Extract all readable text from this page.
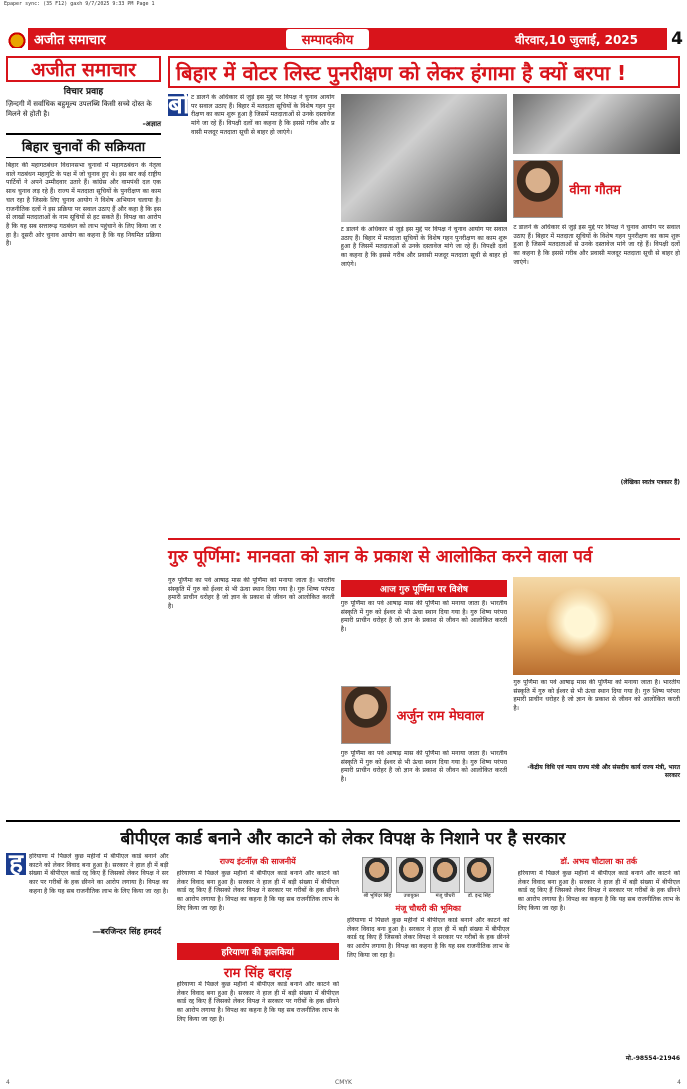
Epaper sync: (35 F12) gaxh 9/7/2025 9:33 PM Page 1
अजीत समाचार	सम्पादकीय	वीरवार,10 जुलाई, 2025	4
अजीत समाचार
विचार प्रवाह
ज़िन्दगी में सर्वाधिक बहुमूल्य उपलब्धि किसी सच्चे दोस्त के मिलने से होती है।
-अज्ञात
बिहार चुनावों की सक्रियता
बिहार की महागठबंधन विधानसभा चुनावों में महागठबंधन के नेतृत्व वाले गठबंधन महागुटि के पक्ष में जो चुनाव हुए थे। इस बार कई राष्ट्रीय पार्टियों ने अपने उम्मीदवार उतारे हैं। कांग्रेस और वामपंथी दल एक साथ चुनाव लड़ रहे हैं। राज्य में मतदाता सूचियों के पुनरीक्षण का काम चल रहा है जिसके लिए चुनाव आयोग ने विशेष अभियान चलाया है। राजनीतिक दलों ने इस प्रक्रिया पर सवाल उठाए हैं और कहा है कि इससे लाखों मतदाताओं के नाम सूचियों से हट सकते हैं। विपक्ष का आरोप है कि यह सब सत्तारूढ़ गठबंधन को लाभ पहुंचाने के लिए किया जा रहा है। दूसरी ओर चुनाव आयोग का कहना है कि यह नियमित प्रक्रिया है।
—बरजिन्दर सिंह हमदर्द
बिहार में वोटर लिस्ट पुनरीक्षण को लेकर हंगामा है क्यों बरपा !
बो ट डालने के अधिकार से जुड़े इस मुद्दे पर विपक्ष ने चुनाव आयोग पर सवाल उठाए हैं। बिहार में मतदाता सूचियों के विशेष गहन पुनरीक्षण का काम शुरू हुआ है जिसमें मतदाताओं से उनके दस्तावेज मांगे जा रहे हैं। विपक्षी दलों का कहना है कि इससे गरीब और प्रवासी मजदूर मतदाता सूची से बाहर हो जाएंगे।
ट डालने के अधिकार से जुड़े इस मुद्दे पर विपक्ष ने चुनाव आयोग पर सवाल उठाए हैं। बिहार में मतदाता सूचियों के विशेष गहन पुनरीक्षण का काम शुरू हुआ है जिसमें मतदाताओं से उनके दस्तावेज मांगे जा रहे हैं। विपक्षी दलों का कहना है कि इससे गरीब और प्रवासी मजदूर मतदाता सूची से बाहर हो जाएंगे।
वीना गौतम
ट डालने के अधिकार से जुड़े इस मुद्दे पर विपक्ष ने चुनाव आयोग पर सवाल उठाए हैं। बिहार में मतदाता सूचियों के विशेष गहन पुनरीक्षण का काम शुरू हुआ है जिसमें मतदाताओं से उनके दस्तावेज मांगे जा रहे हैं। विपक्षी दलों का कहना है कि इससे गरीब और प्रवासी मजदूर मतदाता सूची से बाहर हो जाएंगे।
(लेखिका स्वतंत्र पत्रकार हैं)
गुरु पूर्णिमा: मानवता को ज्ञान के प्रकाश से आलोकित करने वाला पर्व
गुरु पूर्णिमा का पर्व आषाढ़ मास की पूर्णिमा को मनाया जाता है। भारतीय संस्कृति में गुरु को ईश्वर से भी ऊंचा स्थान दिया गया है। गुरु शिष्य परंपरा हमारी प्राचीन धरोहर है जो ज्ञान के प्रकाश से जीवन को आलोकित करती है।
आज गुरु पूर्णिमा पर विशेष
गुरु पूर्णिमा का पर्व आषाढ़ मास की पूर्णिमा को मनाया जाता है। भारतीय संस्कृति में गुरु को ईश्वर से भी ऊंचा स्थान दिया गया है। गुरु शिष्य परंपरा हमारी प्राचीन धरोहर है जो ज्ञान के प्रकाश से जीवन को आलोकित करती है।
अर्जुन राम मेघवाल
गुरु पूर्णिमा का पर्व आषाढ़ मास की पूर्णिमा को मनाया जाता है। भारतीय संस्कृति में गुरु को ईश्वर से भी ऊंचा स्थान दिया गया है। गुरु शिष्य परंपरा हमारी प्राचीन धरोहर है जो ज्ञान के प्रकाश से जीवन को आलोकित करती है।
गुरु पूर्णिमा का पर्व आषाढ़ मास की पूर्णिमा को मनाया जाता है। भारतीय संस्कृति में गुरु को ईश्वर से भी ऊंचा स्थान दिया गया है। गुरु शिष्य परंपरा हमारी प्राचीन धरोहर है जो ज्ञान के प्रकाश से जीवन को आलोकित करती है।
-केंद्रीय विधि एवं न्याय राज्य मंत्री और संसदीय कार्य राज्य मंत्री, भारत सरकार
बीपीएल कार्ड बनाने और काटने को लेकर विपक्ष के निशाने पर है सरकार
ह हरियाणा में पिछले कुछ महीनों में बीपीएल कार्ड बनाने और काटने को लेकर विवाद बना हुआ है। सरकार ने हाल ही में बड़ी संख्या में बीपीएल कार्ड रद्द किए हैं जिसको लेकर विपक्ष ने सरकार पर गरीबों के हक छीनने का आरोप लगाया है। विपक्ष का कहना है कि यह सब राजनीतिक लाभ के लिए किया जा रहा है।
राज्य इंटर्नीज़ की साजनीयें
हरियाणा में पिछले कुछ महीनों में बीपीएल कार्ड बनाने और काटने को लेकर विवाद बना हुआ है। सरकार ने हाल ही में बड़ी संख्या में बीपीएल कार्ड रद्द किए हैं जिसको लेकर विपक्ष ने सरकार पर गरीबों के हक छीनने का आरोप लगाया है। विपक्ष का कहना है कि यह सब राजनीतिक लाभ के लिए किया जा रहा है।
हरियाणा की झलकियां
राम सिंह बराड़
हरियाणा में पिछले कुछ महीनों में बीपीएल कार्ड बनाने और काटने को लेकर विवाद बना हुआ है। सरकार ने हाल ही में बड़ी संख्या में बीपीएल कार्ड रद्द किए हैं जिसको लेकर विपक्ष ने सरकार पर गरीबों के हक छीनने का आरोप लगाया है। विपक्ष का कहना है कि यह सब राजनीतिक लाभ के लिए किया जा रहा है।
श्री भूपिंदर सिंह	उपायुक्त	मंजू चौधरी	डॉ. इन्द्र सिंह
मंजू चौधरी की भूमिका
हरियाणा में पिछले कुछ महीनों में बीपीएल कार्ड बनाने और काटने को लेकर विवाद बना हुआ है। सरकार ने हाल ही में बड़ी संख्या में बीपीएल कार्ड रद्द किए हैं जिसको लेकर विपक्ष ने सरकार पर गरीबों के हक छीनने का आरोप लगाया है। विपक्ष का कहना है कि यह सब राजनीतिक लाभ के लिए किया जा रहा है।
डॉ. अभय चौटाला का तर्क
हरियाणा में पिछले कुछ महीनों में बीपीएल कार्ड बनाने और काटने को लेकर विवाद बना हुआ है। सरकार ने हाल ही में बड़ी संख्या में बीपीएल कार्ड रद्द किए हैं जिसको लेकर विपक्ष ने सरकार पर गरीबों के हक छीनने का आरोप लगाया है। विपक्ष का कहना है कि यह सब राजनीतिक लाभ के लिए किया जा रहा है।
मो.-98554-21946
4	CMYK	4
